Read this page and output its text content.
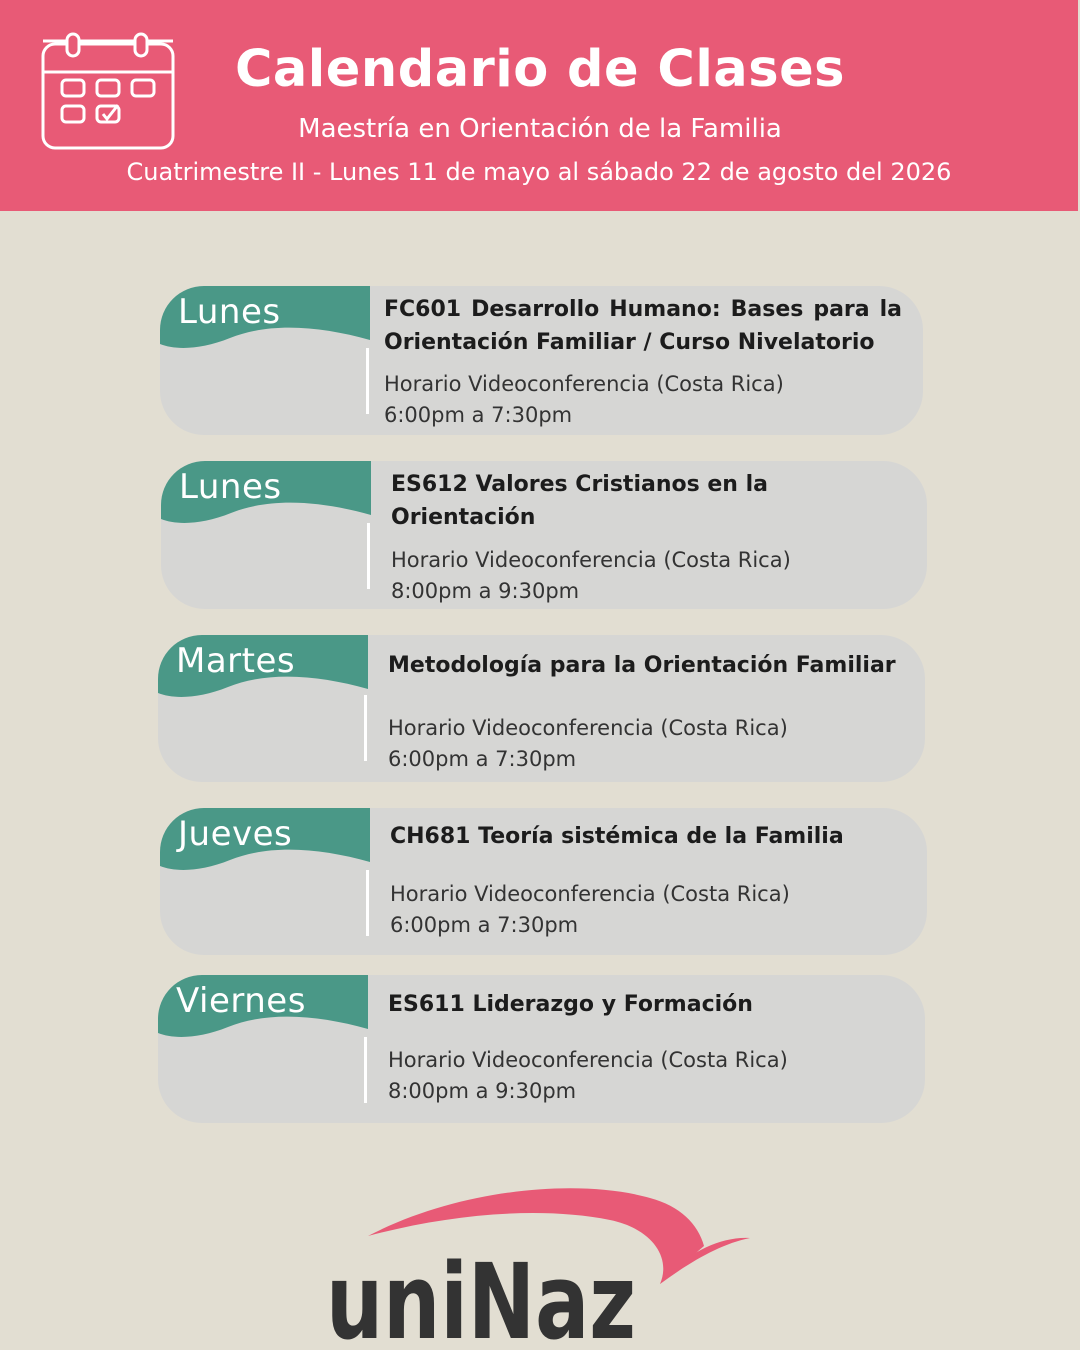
Calendario de Clases
Maestría en Orientación de la Familia
Cuatrimestre II - Lunes 11 de mayo al sábado 22 de agosto del 2026
Lunes	FC601 Desarrollo Humano: Bases para la Orientación Familiar / Curso Nivelatorio
Horario Videoconferencia (Costa Rica)
6:00pm a 7:30pm
Lunes	ES612 Valores Cristianos en la Orientación
Horario Videoconferencia (Costa Rica)
8:00pm a 9:30pm
Martes	Metodología para la Orientación Familiar
Horario Videoconferencia (Costa Rica)
6:00pm a 7:30pm
Jueves	CH681 Teoría sistémica de la Familia
Horario Videoconferencia (Costa Rica)
6:00pm a 7:30pm
Viernes	ES611 Liderazgo y Formación
Horario Videoconferencia (Costa Rica)
8:00pm a 9:30pm
uniNaz
